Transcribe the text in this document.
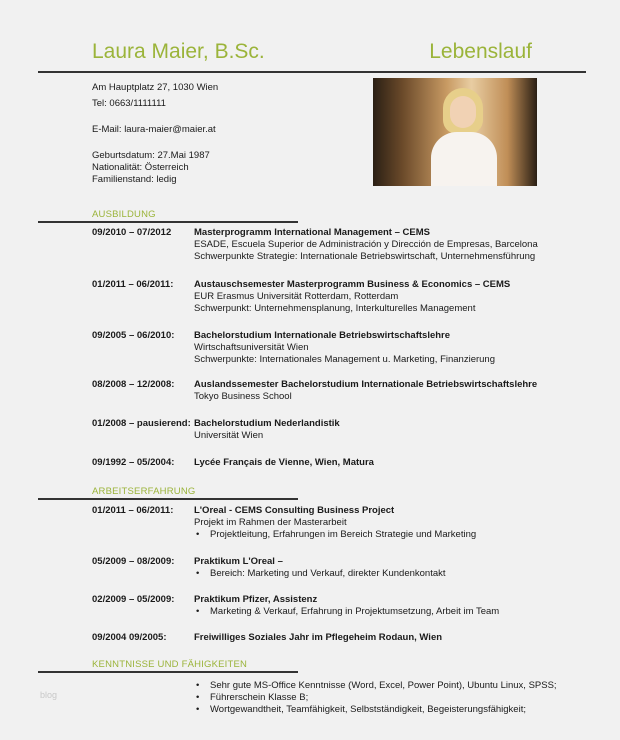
Laura Maier, B.Sc.	Lebenslauf
Am Hauptplatz 27, 1030 Wien
Tel: 0663/1111111
E-Mail: laura-maier@maier.at
Geburtsdatum: 27.Mai 1987
Nationalität: Österreich
Familienstand: ledig
AUSBILDUNG
09/2010 – 07/2012 Masterprogramm International Management – CEMS
ESADE, Escuela Superior de Administración y Dirección de Empresas, Barcelona
Schwerpunkte Strategie: Internationale Betriebswirtschaft, Unternehmensführung
01/2011 – 06/2011: Austauschsemester Masterprogramm Business & Economics – CEMS
EUR Erasmus Universität Rotterdam, Rotterdam
Schwerpunkt: Unternehmensplanung, Interkulturelles Management
09/2005 – 06/2010: Bachelorstudium Internationale Betriebswirtschaftslehre
Wirtschaftsuniversität Wien
Schwerpunkte: Internationales Management u. Marketing, Finanzierung
08/2008 – 12/2008: Auslandssemester Bachelorstudium Internationale Betriebswirtschaftslehre
Tokyo Business School
01/2008 – pausierend: Bachelorstudium Nederlandistik
Universität Wien
09/1992 – 05/2004: Lycée Français de Vienne, Wien, Matura
ARBEITSERFAHRUNG
01/2011 – 06/2011: L'Oreal - CEMS Consulting Business Project
Projekt im Rahmen der Masterarbeit
• Projektleitung, Erfahrungen im Bereich Strategie und Marketing
05/2009 – 08/2009: Praktikum L'Oreal –
• Bereich: Marketing und Verkauf, direkter Kundenkontakt
02/2009 – 05/2009: Praktikum Pfizer, Assistenz
• Marketing & Verkauf, Erfahrung in Projektumsetzung, Arbeit im Team
09/2004 09/2005:	Freiwilliges Soziales Jahr im Pflegeheim Rodaun, Wien
KENNTNISSE UND FÄHIGKEITEN
• Sehr gute MS-Office Kenntnisse (Word, Excel, Power Point), Ubuntu Linux, SPSS;
• Führerschein Klasse B;
• Wortgewandtheit, Teamfähigkeit, Selbstständigkeit, Begeisterungsfähigkeit;
blog
